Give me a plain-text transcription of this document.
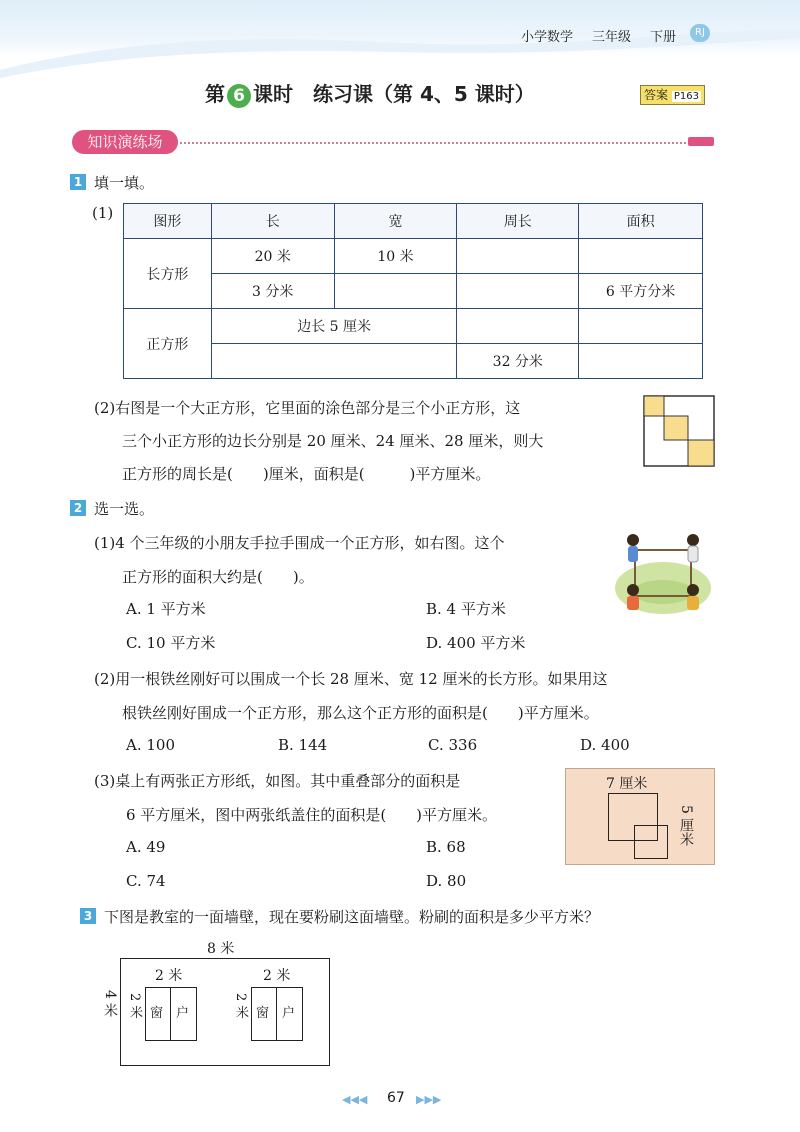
小学数学 三年级 下册	RJ
第 6 课时　 练习课（第 4、5 课时）	答案 P163
知识演练场
1 填一填。
(1)	图形	长	宽	周长	面积
长方形	20 米	10 米		
	3 分米			6 平方分米
正方形	边长 5 厘米			
			32 分米	
(2)右图是一个大正方形，它里面的涂色部分是三个小正方形，这
三个小正方形的边长分别是 20 厘米、24 厘米、28 厘米，则大
正方形的周长是(　　)厘米，面积是(　　　)平方厘米。
2 选一选。
(1)4 个三年级的小朋友手拉手围成一个正方形，如右图。这个
正方形的面积大约是(　　)。
A. 1 平方米	B. 4 平方米
C. 10 平方米	D. 400 平方米
(2)用一根铁丝刚好可以围成一个长 28 厘米、宽 12 厘米的长方形。如果用这
根铁丝刚好围成一个正方形，那么这个正方形的面积是(　　)平方厘米。
A. 100	B. 144	C. 336	D. 400
(3)桌上有两张正方形纸，如图。其中重叠部分的面积是
6 平方厘米，图中两张纸盖住的面积是(　　)平方厘米。
A. 49	B. 68
C. 74	D. 80
7 厘米
5 厘米
3 下图是教室的一面墙壁，现在要粉刷这面墙壁。粉刷的面积是多少平方米？
窗 户	窗 户
2 米	2 米
2 米	2 米
8 米
4 米
◀◀◀ 67 ▶▶▶
